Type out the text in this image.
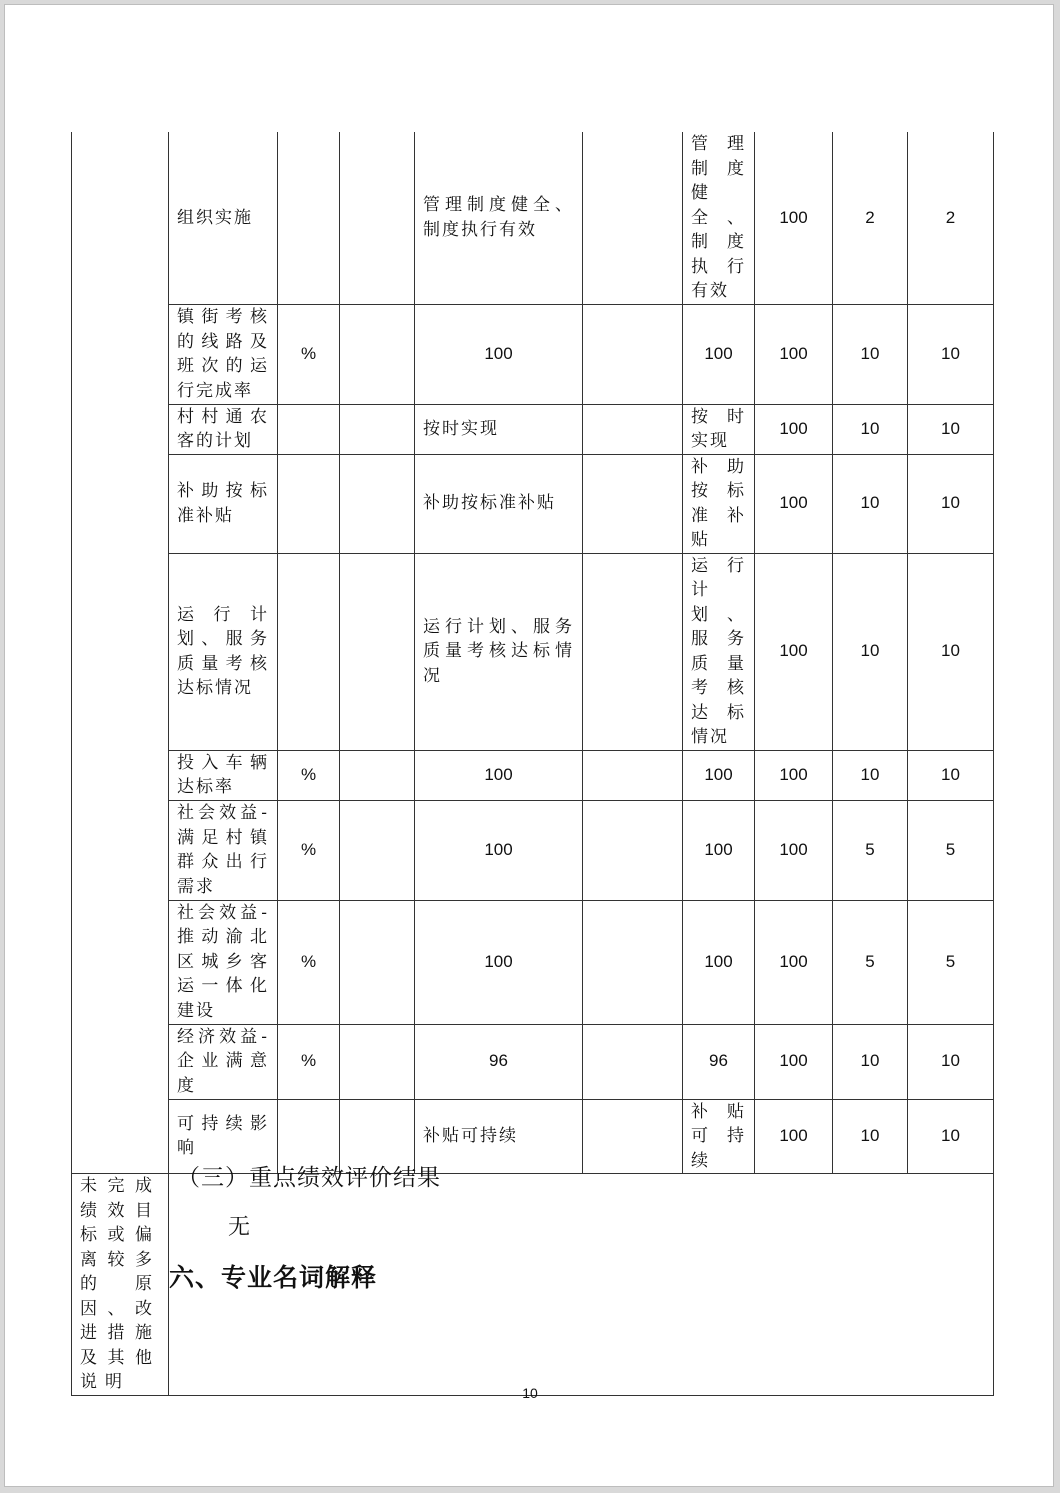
	组织实施			管理制度健全、制度执行有效		管理制度健全、制度执行有效	100	2	2	
	镇街考核的线路及班次的运行完成率	%		100		100	100	10	10	
	村村通农客的计划			按时实现		按时实现	100	10	10	
	补助按标准补贴			补助按标准补贴		补助按标准补贴	100	10	10	
	运行计划、服务质量考核达标情况			运行计划、服务质量考核达标情况		运行计划、服务质量考核达标情况	100	10	10	
	投入车辆达标率	%		100		100	100	10	10	
	社会效益-满足村镇群众出行需求	%		100		100	100	5	5	
	社会效益-推动渝北区城乡客运一体化建设	%		100		100	100	5	5	
	经济效益-企业满意度	%		96		96	100	10	10	
	可持续影响			补贴可持续		补贴可持续	100	10	10	
未完成绩效目标或偏离较多的原因、改进措施及其他说明										
（三）重点绩效评价结果

无

六、专业名词解释

10
